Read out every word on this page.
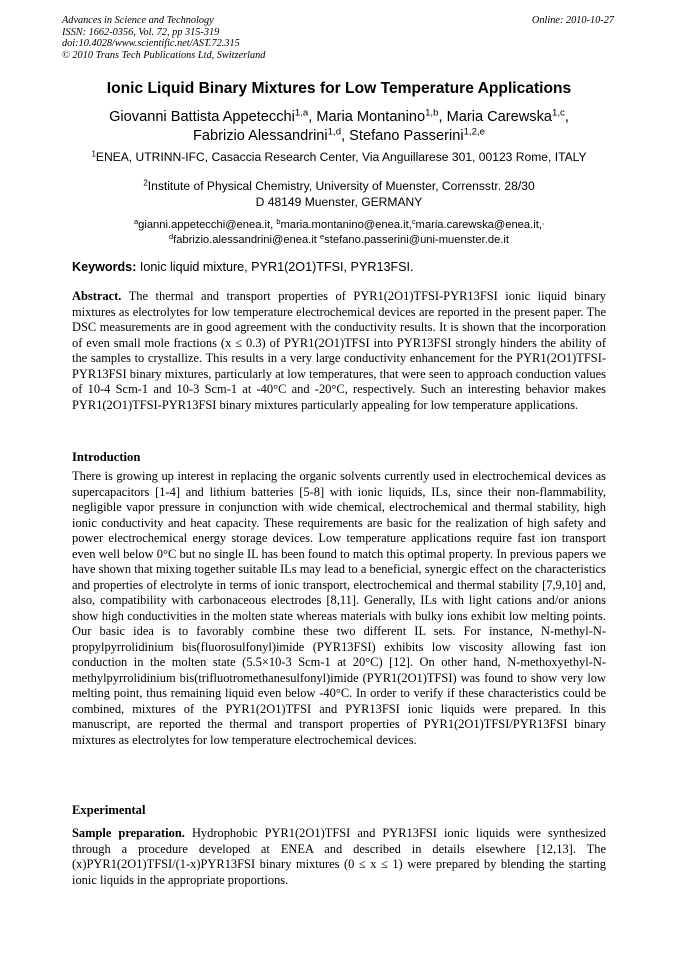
Advances in Science and Technology
ISSN: 1662-0356, Vol. 72, pp 315-319
doi:10.4028/www.scientific.net/AST.72.315
© 2010 Trans Tech Publications Ltd, Switzerland
Online: 2010-10-27
Ionic Liquid Binary Mixtures for Low Temperature Applications
Giovanni Battista Appetecchi$^{1,a}$, Maria Montanino$^{1,b}$, Maria Carewska$^{1,c}$,
Fabrizio Alessandrini$^{1,d}$, Stefano Passerini$^{1,2,e}$
$^1$ENEA, UTRINN-IFC, Casaccia Research Center, Via Anguillarese 301, 00123 Rome, ITALY
$^2$Institute of Physical Chemistry, University of Muenster, Corrensstr. 28/30
D 48149 Muenster, GERMANY
$^a$gianni.appetecchi@enea.it, $^b$maria.montanino@enea.it,$^c$maria.carewska@enea.it,,
$^d$fabrizio.alessandrini@enea.it $^e$stefano.passerini@uni-muenster.de.it
Keywords: Ionic liquid mixture, PYR1(2O1)TFSI, PYR13FSI.
Abstract. The thermal and transport properties of PYR1(2O1)TFSI-PYR13FSI ionic liquid binary mixtures as electrolytes for low temperature electrochemical devices are reported in the present paper. The DSC measurements are in good agreement with the conductivity results. It is shown that the incorporation of even small mole fractions (x ≤ 0.3) of PYR1(2O1)TFSI into PYR13FSI strongly hinders the ability of the samples to crystallize. This results in a very large conductivity enhancement for the PYR1(2O1)TFSI-PYR13FSI binary mixtures, particularly at low temperatures, that were seen to approach conduction values of 10-4 Scm-1 and 10-3 Scm-1 at -40°C and -20°C, respectively. Such an interesting behavior makes PYR1(2O1)TFSI-PYR13FSI binary mixtures particularly appealing for low temperature applications.
Introduction
There is growing up interest in replacing the organic solvents currently used in electrochemical devices as supercapacitors [1-4] and lithium batteries [5-8] with ionic liquids, ILs, since their non-flammability, negligible vapor pressure in conjunction with wide chemical, electrochemical and thermal stability, high ionic conductivity and heat capacity. These requirements are basic for the realization of high safety and power electrochemical energy storage devices. Low temperature applications require fast ion transport even well below 0°C but no single IL has been found to match this optimal property. In previous papers we have shown that mixing together suitable ILs may lead to a beneficial, synergic effect on the characteristics and properties of electrolyte in terms of ionic transport, electrochemical and thermal stability [7,9,10] and, also, compatibility with carbonaceous electrodes [8,11]. Generally, ILs with light cations and/or anions show high conductivities in the molten state whereas materials with bulky ions exhibit low melting points. Our basic idea is to favorably combine these two different IL sets. For instance, N-methyl-N-propylpyrrolidinium bis(fluorosulfonyl)imide (PYR13FSI) exhibits low viscosity allowing fast ion conduction in the molten state (5.5×10-3 Scm-1 at 20°C) [12]. On other hand, N-methoxyethyl-N-methylpyrrolidinium bis(trifluotromethanesulfonyl)imide (PYR1(2O1)TFSI) was found to show very low melting point, thus remaining liquid even below -40°C. In order to verify if these characteristics could be combined, mixtures of the PYR1(2O1)TFSI and PYR13FSI ionic liquids were prepared. In this manuscript, are reported the thermal and transport properties of PYR1(2O1)TFSI/PYR13FSI binary mixtures as electrolytes for low temperature electrochemical devices.
Experimental
Sample preparation. Hydrophobic PYR1(2O1)TFSI and PYR13FSI ionic liquids were synthesized through a procedure developed at ENEA and described in details elsewhere [12,13]. The (x)PYR1(2O1)TFSI/(1-x)PYR13FSI binary mixtures (0 ≤ x ≤ 1) were prepared by blending the starting ionic liquids in the appropriate proportions.
